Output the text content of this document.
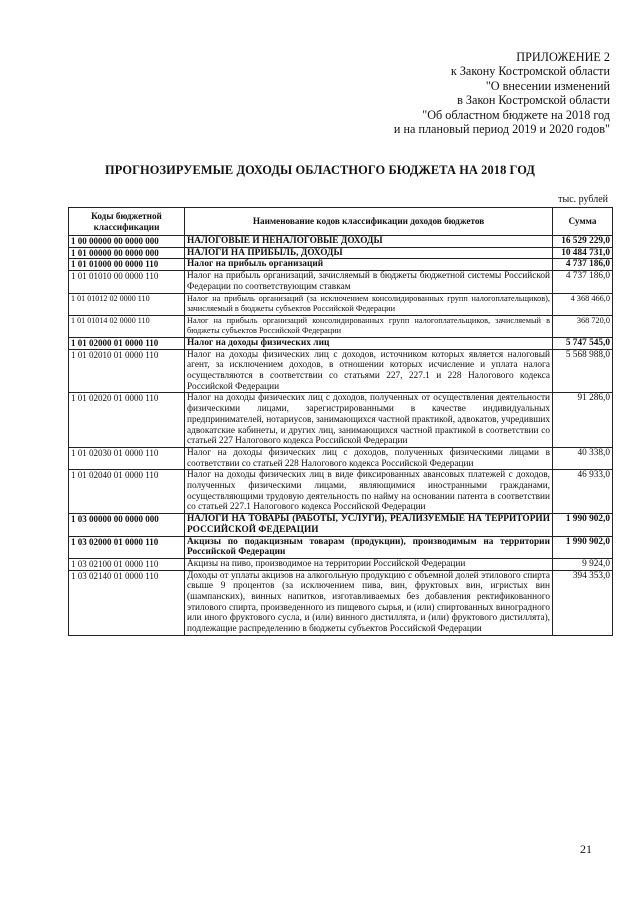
ПРИЛОЖЕНИЕ 2
к Закону Костромской области
"О внесении изменений
в Закон Костромской области
"Об областном бюджете на 2018 год
и на плановый период 2019 и 2020 годов"
ПРОГНОЗИРУЕМЫЕ ДОХОДЫ ОБЛАСТНОГО БЮДЖЕТА НА 2018 ГОД
тыс. рублей
Коды бюджетной классификации	Наименование кодов классификации доходов бюджетов	Сумма
1 00 00000 00 0000 000	НАЛОГОВЫЕ И НЕНАЛОГОВЫЕ ДОХОДЫ	16 529 229,0
1 01 00000 00 0000 000	НАЛОГИ НА ПРИБЫЛЬ, ДОХОДЫ	10 484 731,0
1 01 01000 00 0000 110	Налог на прибыль организаций	4 737 186,0
1 01 01010 00 0000 110	Налог на прибыль организаций, зачисляемый в бюджеты бюджетной системы Российской Федерации по соответствующим ставкам	4 737 186,0
1 01 01012 02 0000 110	Налог на прибыль организаций (за исключением консолидированных групп налогоплательщиков), зачисляемый в бюджеты субъектов Российской Федерации	4 368 466,0
1 01 01014 02 0000 110	Налог на прибыль организаций консолидированных групп налогоплательщиков, зачисляемый в бюджеты субъектов Российской Федерации	368 720,0
1 01 02000 01 0000 110	Налог на доходы физических лиц	5 747 545,0
1 01 02010 01 0000 110	Налог на доходы физических лиц с доходов, источником которых является налоговый агент, за исключением доходов, в отношении которых исчисление и уплата налога осуществляются в соответствии со статьями 227, 227.1 и 228 Налогового кодекса Российской Федерации	5 568 988,0
1 01 02020 01 0000 110	Налог на доходы физических лиц с доходов, полученных от осуществления деятельности физическими лицами, зарегистрированными в качестве индивидуальных предпринимателей, нотариусов, занимающихся частной практикой, адвокатов, учредивших адвокатские кабинеты, и других лиц, занимающихся частной практикой в соответствии со статьей 227 Налогового кодекса Российской Федерации	91 286,0
1 01 02030 01 0000 110	Налог на доходы физических лиц с доходов, полученных физическими лицами в соответствии со статьей 228 Налогового кодекса Российской Федерации	40 338,0
1 01 02040 01 0000 110	Налог на доходы физических лиц в виде фиксированных авансовых платежей с доходов, полученных физическими лицами, являющимися иностранными гражданами, осуществляющими трудовую деятельность по найму на основании патента в соответствии со статьей 227.1 Налогового кодекса Российской Федерации	46 933,0
1 03 00000 00 0000 000	НАЛОГИ НА ТОВАРЫ (РАБОТЫ, УСЛУГИ), РЕАЛИЗУЕМЫЕ НА ТЕРРИТОРИИ РОССИЙСКОЙ ФЕДЕРАЦИИ	1 990 902,0
1 03 02000 01 0000 110	Акцизы по подакцизным товарам (продукции), производимым на территории Российской Федерации	1 990 902,0
1 03 02100 01 0000 110	Акцизы на пиво, производимое на территории Российской Федерации	9 924,0
1 03 02140 01 0000 110	Доходы от уплаты акцизов на алкогольную продукцию с объемной долей этилового спирта свыше 9 процентов (за исключением пива, вин, фруктовых вин, игристых вин (шампанских), винных напитков, изготавливаемых без добавления ректификованного этилового спирта, произведенного из пищевого сырья, и (или) спиртованных виноградного или иного фруктового сусла, и (или) винного дистиллята, и (или) фруктового дистиллята), подлежащие распределению в бюджеты субъектов Российской Федерации	394 353,0
21
